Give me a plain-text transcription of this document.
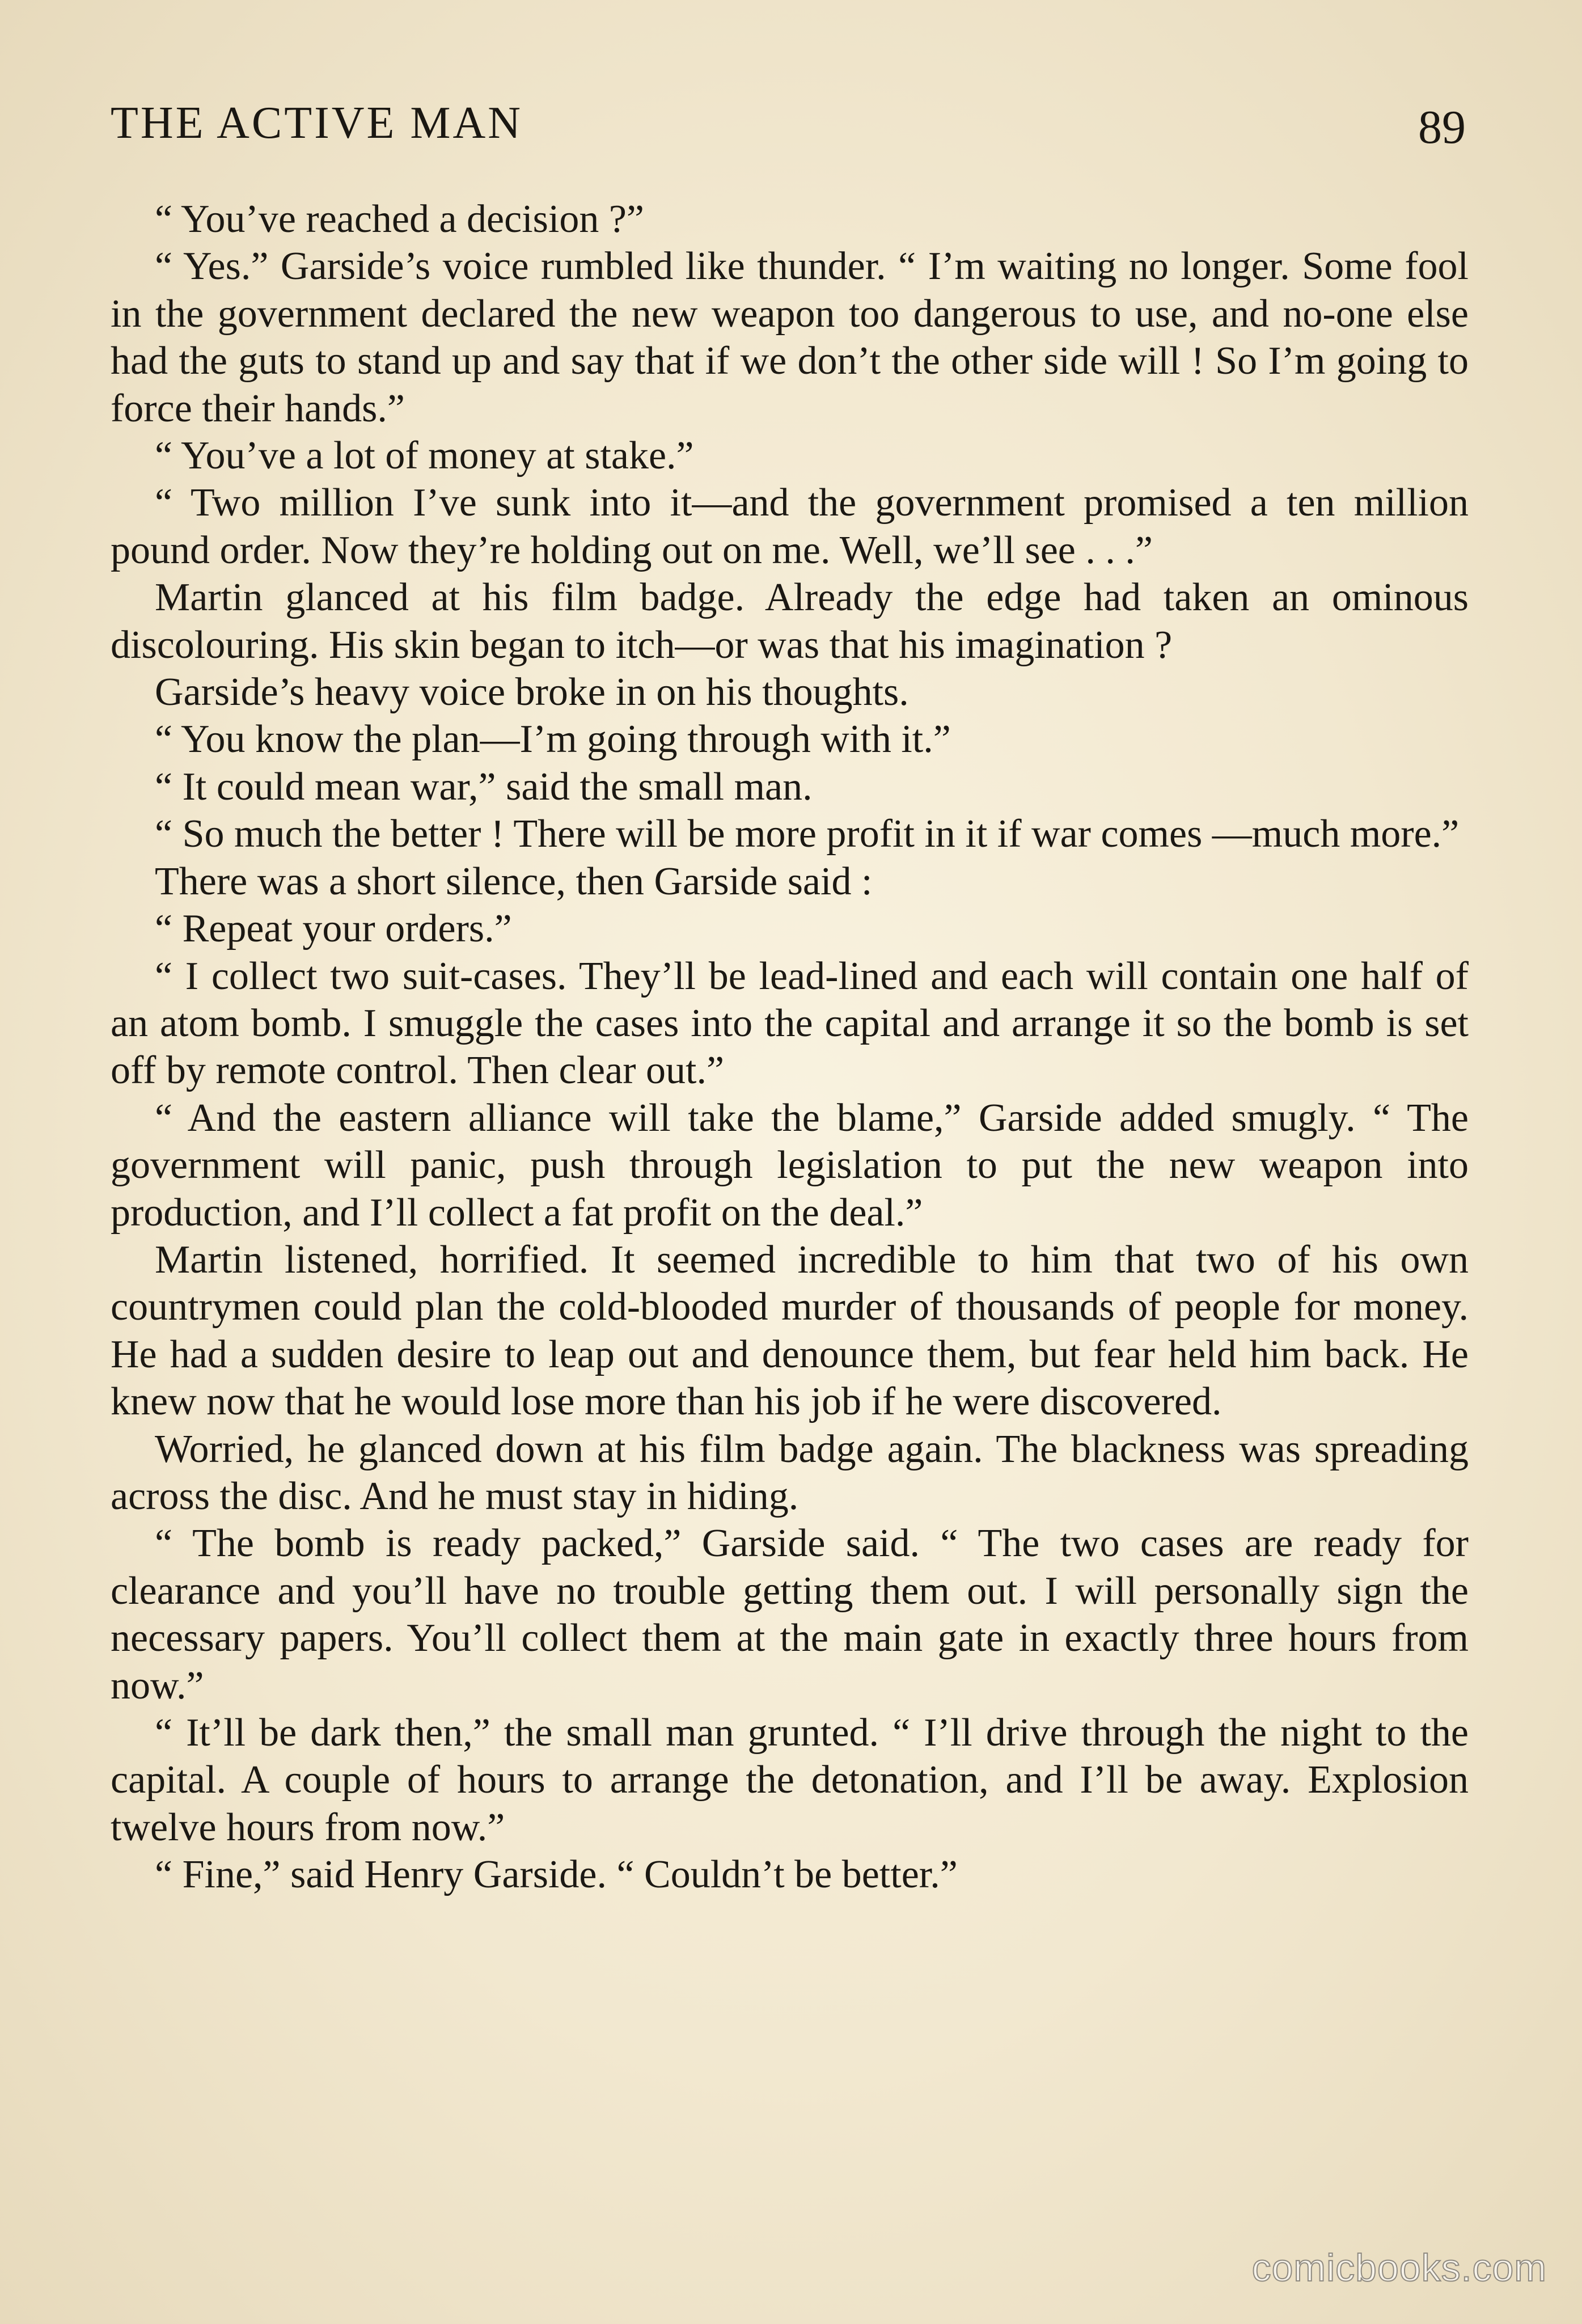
THE ACTIVE MAN	89

“ You’ve reached a decision ?”

“ Yes.” Garside’s voice rumbled like thunder. “ I’m waiting no longer. Some fool in the government declared the new weapon too dangerous to use, and no-one else had the guts to stand up and say that if we don’t the other side will ! So I’m going to force their hands.”

“ You’ve a lot of money at stake.”

“ Two million I’ve sunk into it—and the government promised a ten million pound order. Now they’re holding out on me. Well, we’ll see . . .”

Martin glanced at his film badge. Already the edge had taken an ominous discolouring. His skin began to itch—or was that his imagination ?

Garside’s heavy voice broke in on his thoughts.

“ You know the plan—I’m going through with it.”

“ It could mean war,” said the small man.

“ So much the better ! There will be more profit in it if war comes —much more.”

There was a short silence, then Garside said :

“ Repeat your orders.”

“ I collect two suit-cases. They’ll be lead-lined and each will contain one half of an atom bomb. I smuggle the cases into the capital and arrange it so the bomb is set off by remote control. Then clear out.”

“ And the eastern alliance will take the blame,” Garside added smugly. “ The government will panic, push through legislation to put the new weapon into production, and I’ll collect a fat profit on the deal.”

Martin listened, horrified. It seemed incredible to him that two of his own countrymen could plan the cold-blooded murder of thousands of people for money. He had a sudden desire to leap out and denounce them, but fear held him back. He knew now that he would lose more than his job if he were discovered.

Worried, he glanced down at his film badge again. The blackness was spreading across the disc. And he must stay in hiding.

“ The bomb is ready packed,” Garside said. “ The two cases are ready for clearance and you’ll have no trouble getting them out. I will personally sign the necessary papers. You’ll collect them at the main gate in exactly three hours from now.”

“ It’ll be dark then,” the small man grunted. “ I’ll drive through the night to the capital. A couple of hours to arrange the detonation, and I’ll be away. Explosion twelve hours from now.”

“ Fine,” said Henry Garside. “ Couldn’t be better.”

comicbooks.com
